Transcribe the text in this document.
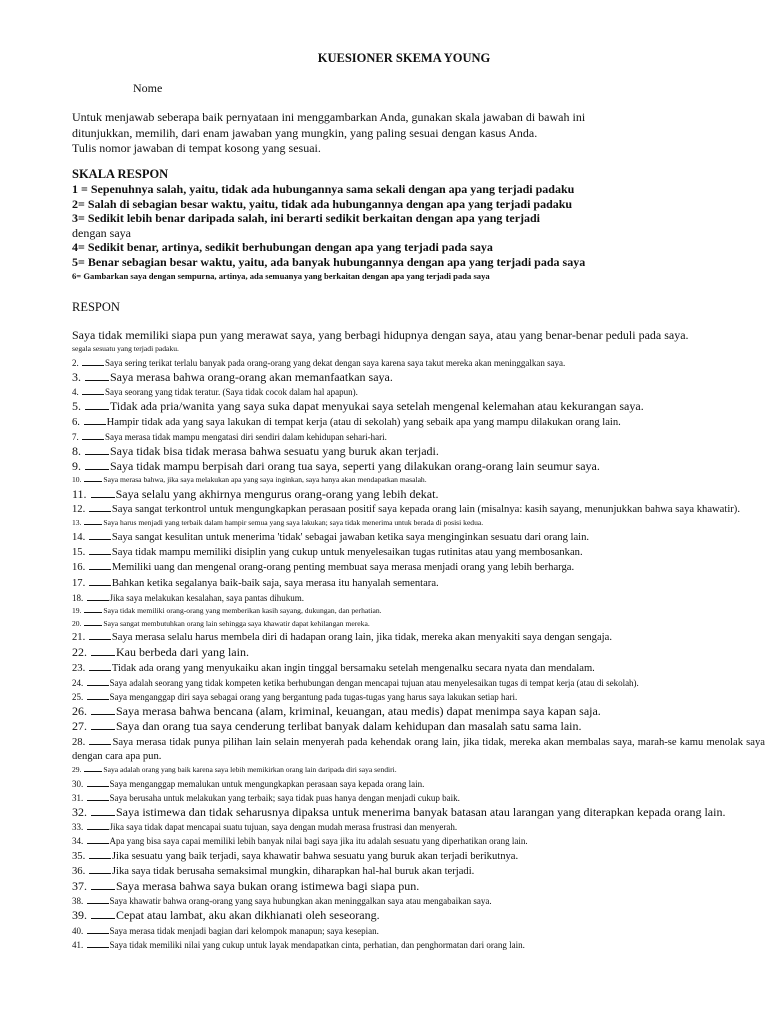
KUESIONER SKEMA YOUNG
Nome
Untuk menjawab seberapa baik pernyataan ini menggambarkan Anda, gunakan skala jawaban di bawah ini
ditunjukkan, memilih, dari enam jawaban yang mungkin, yang paling sesuai dengan kasus Anda.
Tulis nomor jawaban di tempat kosong yang sesuai.
SKALA RESPON
1 = Sepenuhnya salah, yaitu, tidak ada hubungannya sama sekali dengan apa yang terjadi padaku
2= Salah di sebagian besar waktu, yaitu, tidak ada hubungannya dengan apa yang terjadi padaku
3= Sedikit lebih benar daripada salah, ini berarti sedikit berkaitan dengan apa yang terjadi
dengan saya
4= Sedikit benar, artinya, sedikit berhubungan dengan apa yang terjadi pada saya
5= Benar sebagian besar waktu, yaitu, ada banyak hubungannya dengan apa yang terjadi pada saya
6= Gambarkan saya dengan sempurna, artinya, ada semuanya yang berkaitan dengan apa yang terjadi pada saya
RESPON
Saya tidak memiliki siapa pun yang merawat saya, yang berbagi hidupnya dengan saya, atau yang benar-benar peduli pada saya.
segala sesuatu yang terjadi padaku.
2.	Saya sering terikat terlalu banyak pada orang-orang yang dekat dengan saya karena saya takut mereka akan meninggalkan saya.
3. Saya merasa bahwa orang-orang akan memanfaatkan saya.
4.	Saya seorang yang tidak teratur. (Saya tidak cocok dalam hal apapun).
5. Tidak ada pria/wanita yang saya suka dapat menyukai saya setelah mengenal kelemahan atau kekurangan saya.
6. Hampir tidak ada yang saya lakukan di tempat kerja (atau di sekolah) yang sebaik apa yang mampu dilakukan orang lain.
7.	Saya merasa tidak mampu mengatasi diri sendiri dalam kehidupan sehari-hari.
8. Saya tidak bisa tidak merasa bahwa sesuatu yang buruk akan terjadi.
9. Saya tidak mampu berpisah dari orang tua saya, seperti yang dilakukan orang-orang lain seumur saya.
10.	Saya merasa bahwa, jika saya melakukan apa yang saya inginkan, saya hanya akan mendapatkan masalah.
11. Saya selalu yang akhirnya mengurus orang-orang yang lebih dekat.
12. Saya sangat terkontrol untuk mengungkapkan perasaan positif saya kepada orang lain (misalnya: kasih sayang, menunjukkan bahwa saya khawatir).
13.	Saya harus menjadi yang terbaik dalam hampir semua yang saya lakukan; saya tidak menerima untuk berada di posisi kedua.
14. Saya sangat kesulitan untuk menerima 'tidak' sebagai jawaban ketika saya menginginkan sesuatu dari orang lain.
15. Saya tidak mampu memiliki disiplin yang cukup untuk menyelesaikan tugas rutinitas atau yang membosankan.
16. Memiliki uang dan mengenal orang-orang penting membuat saya merasa menjadi orang yang lebih berharga.
17. Bahkan ketika segalanya baik-baik saja, saya merasa itu hanyalah sementara.
18.	Jika saya melakukan kesalahan, saya pantas dihukum.
19.	Saya tidak memiliki orang-orang yang memberikan kasih sayang, dukungan, dan perhatian.
20.	Saya sangat membutuhkan orang lain sehingga saya khawatir dapat kehilangan mereka.
21. Saya merasa selalu harus membela diri di hadapan orang lain, jika tidak, mereka akan menyakiti saya dengan sengaja.
22. Kau berbeda dari yang lain.
23. Tidak ada orang yang menyukaiku akan ingin tinggal bersamaku setelah mengenalku secara nyata dan mendalam.
24.	Saya adalah seorang yang tidak kompeten ketika berhubungan dengan mencapai tujuan atau menyelesaikan tugas di tempat kerja (atau di sekolah).
25.	Saya menganggap diri saya sebagai orang yang bergantung pada tugas-tugas yang harus saya lakukan setiap hari.
26. Saya merasa bahwa bencana (alam, kriminal, keuangan, atau medis) dapat menimpa saya kapan saja.
27. Saya dan orang tua saya cenderung terlibat banyak dalam kehidupan dan masalah satu sama lain.
28. Saya merasa tidak punya pilihan lain selain menyerah pada kehendak orang lain, jika tidak, mereka akan membalas saya, marah-se kamu menolak saya dengan cara apa pun.
29.	Saya adalah orang yang baik karena saya lebih memikirkan orang lain daripada diri saya sendiri.
30.	Saya menganggap memalukan untuk mengungkapkan perasaan saya kepada orang lain.
31.	Saya berusaha untuk melakukan yang terbaik; saya tidak puas hanya dengan menjadi cukup baik.
32. Saya istimewa dan tidak seharusnya dipaksa untuk menerima banyak batasan atau larangan yang diterapkan kepada orang lain.
33.	Jika saya tidak dapat mencapai suatu tujuan, saya dengan mudah merasa frustrasi dan menyerah.
34.	Apa yang bisa saya capai memiliki lebih banyak nilai bagi saya jika itu adalah sesuatu yang diperhatikan orang lain.
35. Jika sesuatu yang baik terjadi, saya khawatir bahwa sesuatu yang buruk akan terjadi berikutnya.
36. Jika saya tidak berusaha semaksimal mungkin, diharapkan hal-hal buruk akan terjadi.
37. Saya merasa bahwa saya bukan orang istimewa bagi siapa pun.
38.	Saya khawatir bahwa orang-orang yang saya hubungkan akan meninggalkan saya atau mengabaikan saya.
39. Cepat atau lambat, aku akan dikhianati oleh seseorang.
40.	Saya merasa tidak menjadi bagian dari kelompok manapun; saya kesepian.
41.	Saya tidak memiliki nilai yang cukup untuk layak mendapatkan cinta, perhatian, dan penghormatan dari orang lain.
